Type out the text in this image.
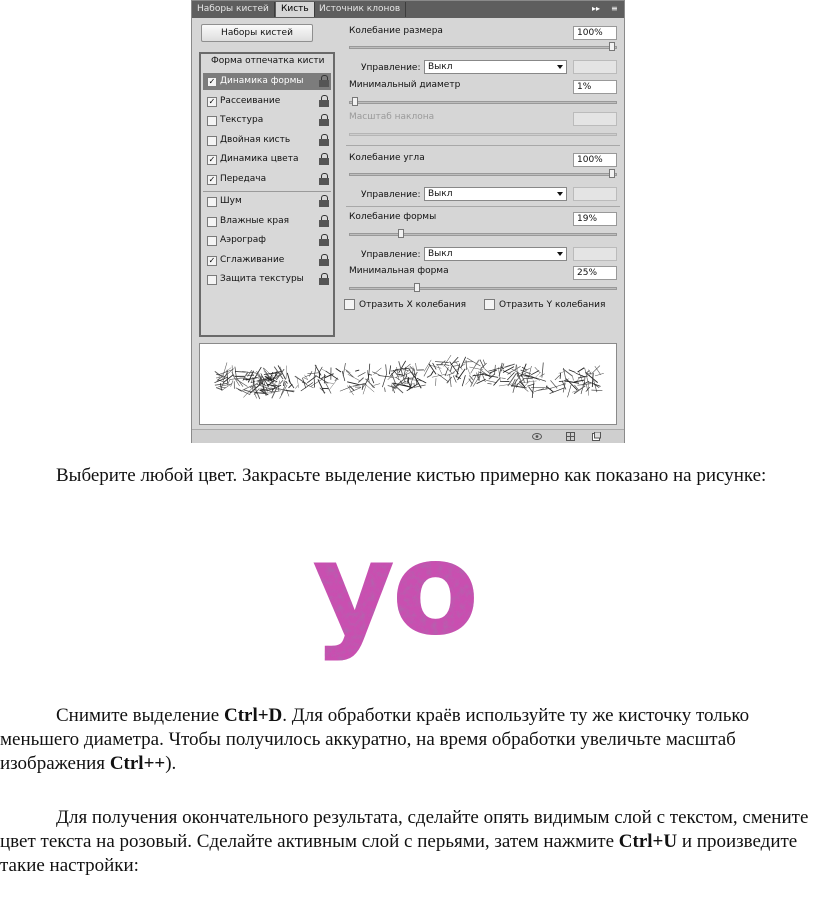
Наборы кистей	Кисть	Источник клонов	▸▸	≡
Наборы кистей
Форма отпечатка кисти
✓ Динамика формы
✓ Рассеивание
Текстура
Двойная кисть
✓ Динамика цвета
✓ Передача
Шум
Влажные края
Аэрограф
✓ Сглаживание
Защита текстуры
Колебание размера	100%
Управление: Выкл
Минимальный диаметр	1%
Масштаб наклона
Колебание угла	100%
Управление: Выкл
Колебание формы	19%
Управление: Выкл
Минимальная форма	25%
Отразить X колебания	Отразить Y колебания

Выберите любой цвет. Закрасьте выделение кистью примерно как показано на рисунке:

yo

Снимите выделение Ctrl+D. Для обработки краёв используйте ту же кисточку только меньшего диаметра. Чтобы получилось аккуратно, на время обработки увеличьте масштаб изображения Ctrl++).

Для получения окончательного результата, сделайте опять видимым слой с текстом, смените цвет текста на розовый. Сделайте активным слой с перьями, затем нажмите Ctrl+U и произведите такие настройки:
